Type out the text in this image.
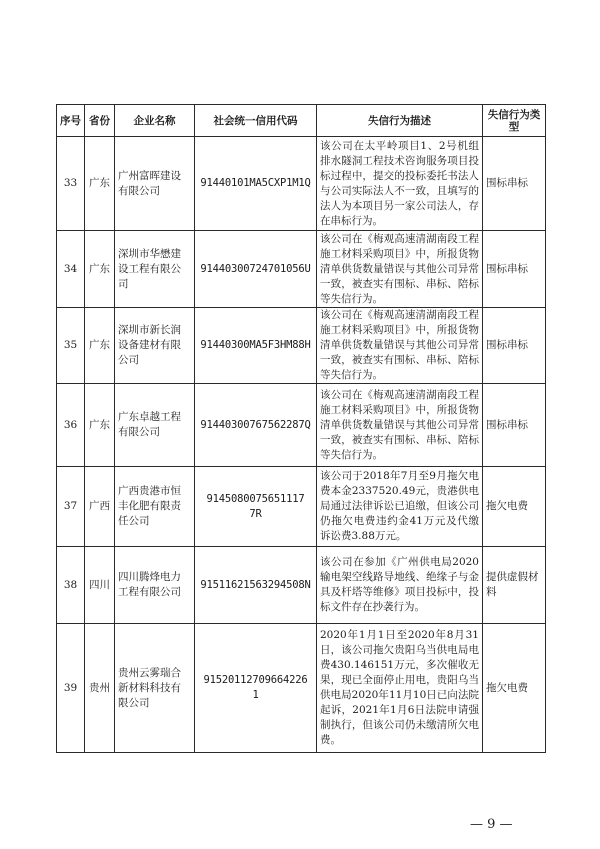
序号	省份	企业名称	社会统一信用代码	失信行为描述	失信行为类型
33	广东	广州富晖建设有限公司	91440101MA5CXP1M1Q	该公司在太平岭项目1、2号机组排水隧洞工程技术咨询服务项目投标过程中，提交的投标委托书法人与公司实际法人不一致，且填写的法人为本项目另一家公司法人，存在串标行为。	围标串标
34	广东	深圳市华懋建设工程有限公司	91440300724701056U	该公司在《梅观高速清湖南段工程施工材料采购项目》中，所报货物清单供货数量错误与其他公司异常一致，被查实有围标、串标、陪标等失信行为。	围标串标
35	广东	深圳市新长润设备建材有限公司	91440300MA5F3HM88H	该公司在《梅观高速清湖南段工程施工材料采购项目》中，所报货物清单供货数量错误与其他公司异常一致，被查实有围标、串标、陪标等失信行为。	围标串标
36	广东	广东卓越工程有限公司	91440300767562287Q	该公司在《梅观高速清湖南段工程施工材料采购项目》中，所报货物清单供货数量错误与其他公司异常一致，被查实有围标、串标、陪标等失信行为。	围标串标
37	广西	广西贵港市恒丰化肥有限责任公司	9145080075651117 7R	该公司于2018年7月至9月拖欠电费本金2337520.49元，贵港供电局通过法律诉讼已追缴，但该公司仍拖欠电费违约金41万元及代缴诉讼费3.88万元。	拖欠电费
38	四川	四川腾烽电力工程有限公司	91511621563294508N	该公司在参加《广州供电局2020输电架空线路导地线、绝缘子与金具及杆塔等维修》项目投标中，投标文件存在抄袭行为。	提供虚假材料
39	贵州	贵州云雾瑞合新材料科技有限公司	91520112709664226 1	2020年1月1日至2020年8月31日，该公司拖欠贵阳乌当供电局电费430.146151万元，多次催收无果，现已全面停止用电，贵阳乌当供电局2020年11月10日已向法院起诉，2021年1月6日法院申请强制执行，但该公司仍未缴清所欠电费。	拖欠电费
— 9 —
